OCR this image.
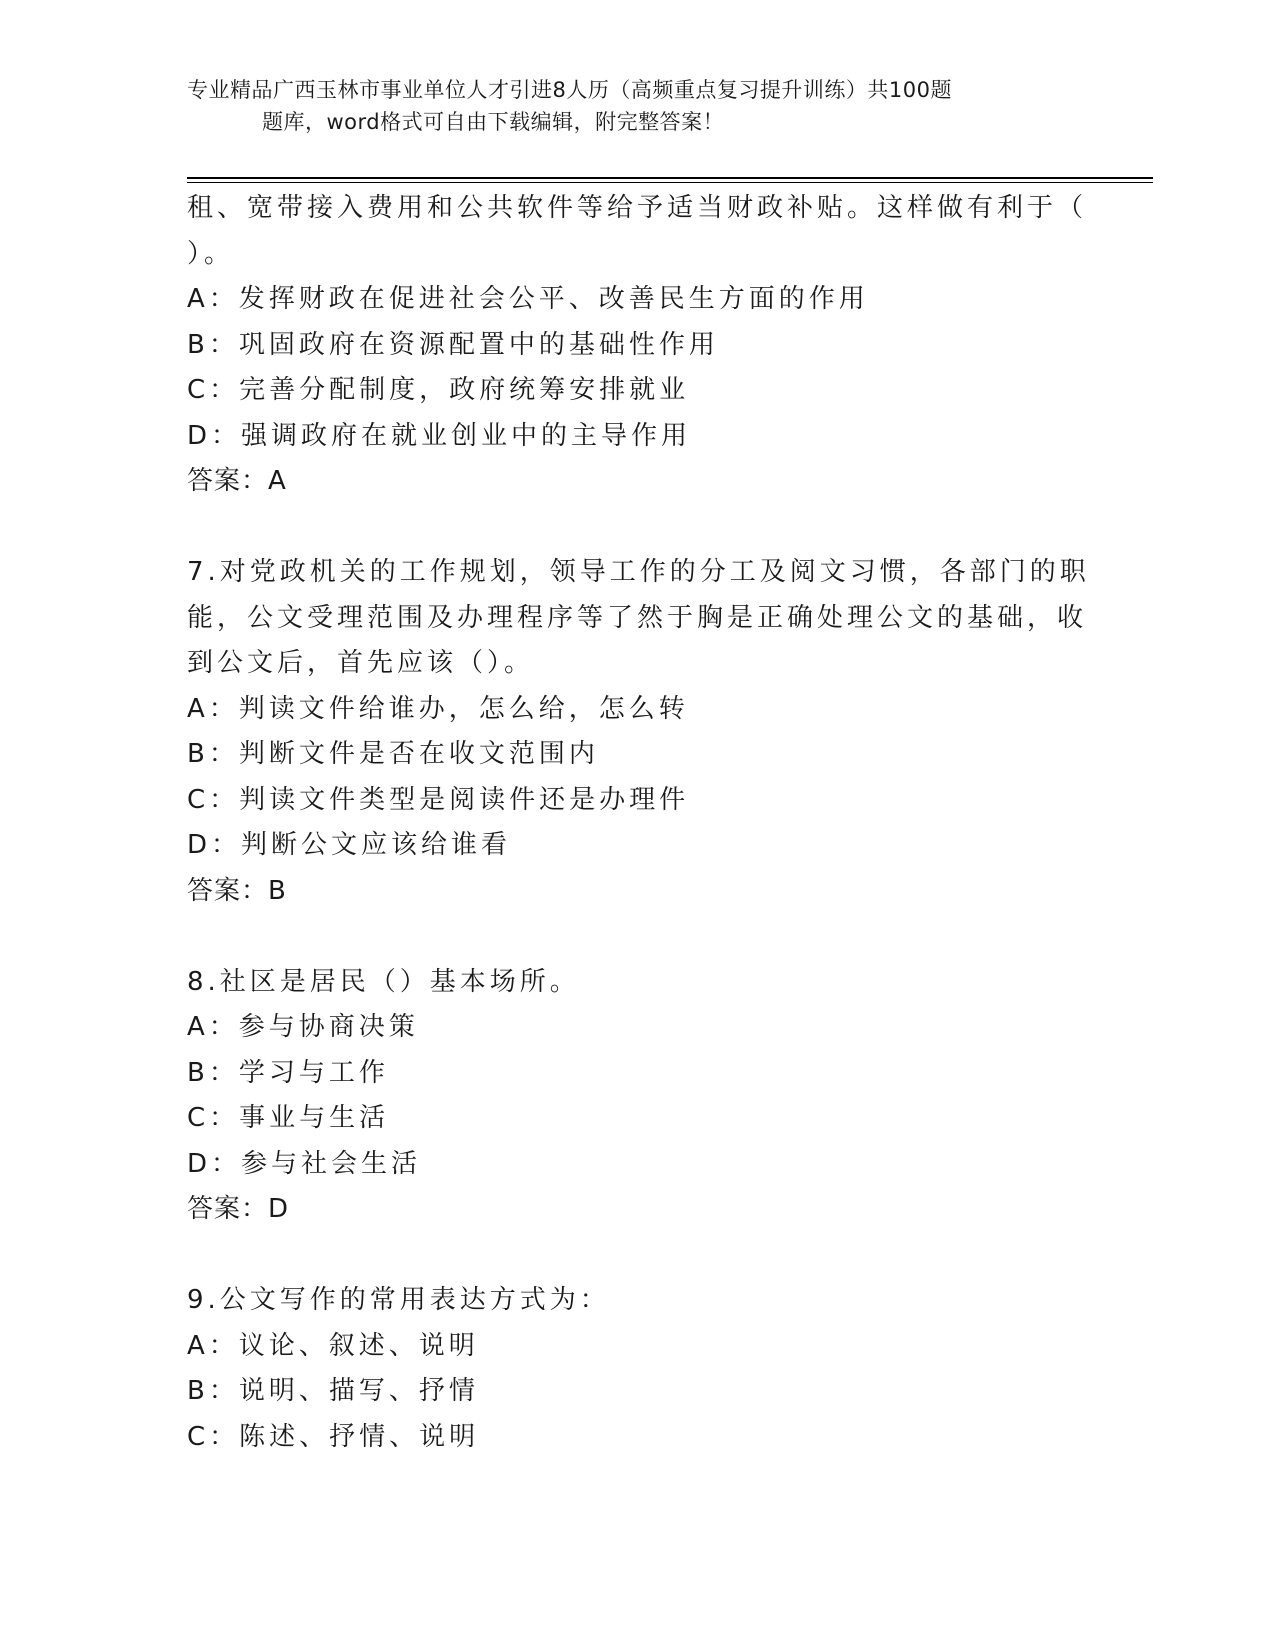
专业精品广西玉林市事业单位人才引进8人历（高频重点复习提升训练）共100题
题库，word格式可自由下载编辑，附完整答案！

租、宽带接入费用和公共软件等给予适当财政补贴。这样做有利于（

）。

A：发挥财政在促进社会公平、改善民生方面的作用

B：巩固政府在资源配置中的基础性作用

C：完善分配制度，政府统筹安排就业

D：强调政府在就业创业中的主导作用

答案：A

7.对党政机关的工作规划，领导工作的分工及阅文习惯，各部门的职

能，公文受理范围及办理程序等了然于胸是正确处理公文的基础，收

到公文后，首先应该（）。

A：判读文件给谁办，怎么给，怎么转

B：判断文件是否在收文范围内

C：判读文件类型是阅读件还是办理件

D：判断公文应该给谁看

答案：B

8.社区是居民（）基本场所。

A：参与协商决策

B：学习与工作

C：事业与生活

D：参与社会生活

答案：D

9.公文写作的常用表达方式为：

A：议论、叙述、说明

B：说明、描写、抒情

C：陈述、抒情、说明
